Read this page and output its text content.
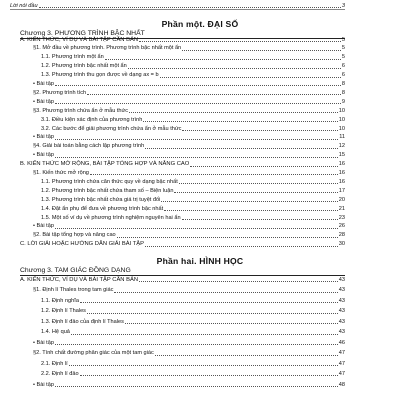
Lời nói đầu	3
Phần một. ĐẠI SỐ
Chương 3. PHƯƠNG TRÌNH BẬC NHẤT
A. KIẾN THỨC, VÍ DỤ VÀ BÀI TẬP CĂN BẢN	5
§1. Mở đầu về phương trình. Phương trình bậc nhất một ẩn	5
1.1. Phương trình một ẩn	5
1.2. Phương trình bậc nhất một ẩn	6
1.3. Phương trình thu gọn được về dạng ax = b	6
• Bài tập	8
§2. Phương trình tích	8
• Bài tập	9
§3. Phương trình chứa ẩn ở mẫu thức	10
3.1. Điều kiện xác định của phương trình	10
3.2. Các bước để giải phương trình chứa ẩn ở mẫu thức	10
• Bài tập	11
§4. Giải bài toán bằng cách lập phương trình	12
• Bài tập	15
B. KIẾN THỨC MỞ RỘNG, BÀI TẬP TỔNG HỢP VÀ NÂNG CAO	16
§1. Kiến thức mở rộng	16
1.1. Phương trình chứa căn thức quy về dạng bậc nhất	16
1.2. Phương trình bậc nhất chứa tham số – Biện luận	17
1.3. Phương trình bậc nhất chứa giá trị tuyệt đối	20
1.4. Đặt ẩn phụ để đưa về phương trình bậc nhất	21
1.5. Một số ví dụ về phương trình nghiệm nguyên hai ẩn	23
• Bài tập	26
§2. Bài tập tổng hợp và nâng cao	28
C. LỜI GIẢI HOẶC HƯỚNG DẪN GIẢI BÀI TẬP	30
Phần hai. HÌNH HỌC
Chương 3. TAM GIÁC ĐỒNG DẠNG
A. KIẾN THỨC, VÍ DỤ VÀ BÀI TẬP CĂN BẢN	43
§1. Định lí Thales trong tam giác	43
1.1. Định nghĩa	43
1.2. Định lí Thales	43
1.3. Định lí đảo của định lí Thales	43
1.4. Hệ quả	43
• Bài tập	46
§2. Tính chất đường phân giác của một tam giác	47
2.1. Định lí	47
2.2. Định lí đảo	47
• Bài tập	48
